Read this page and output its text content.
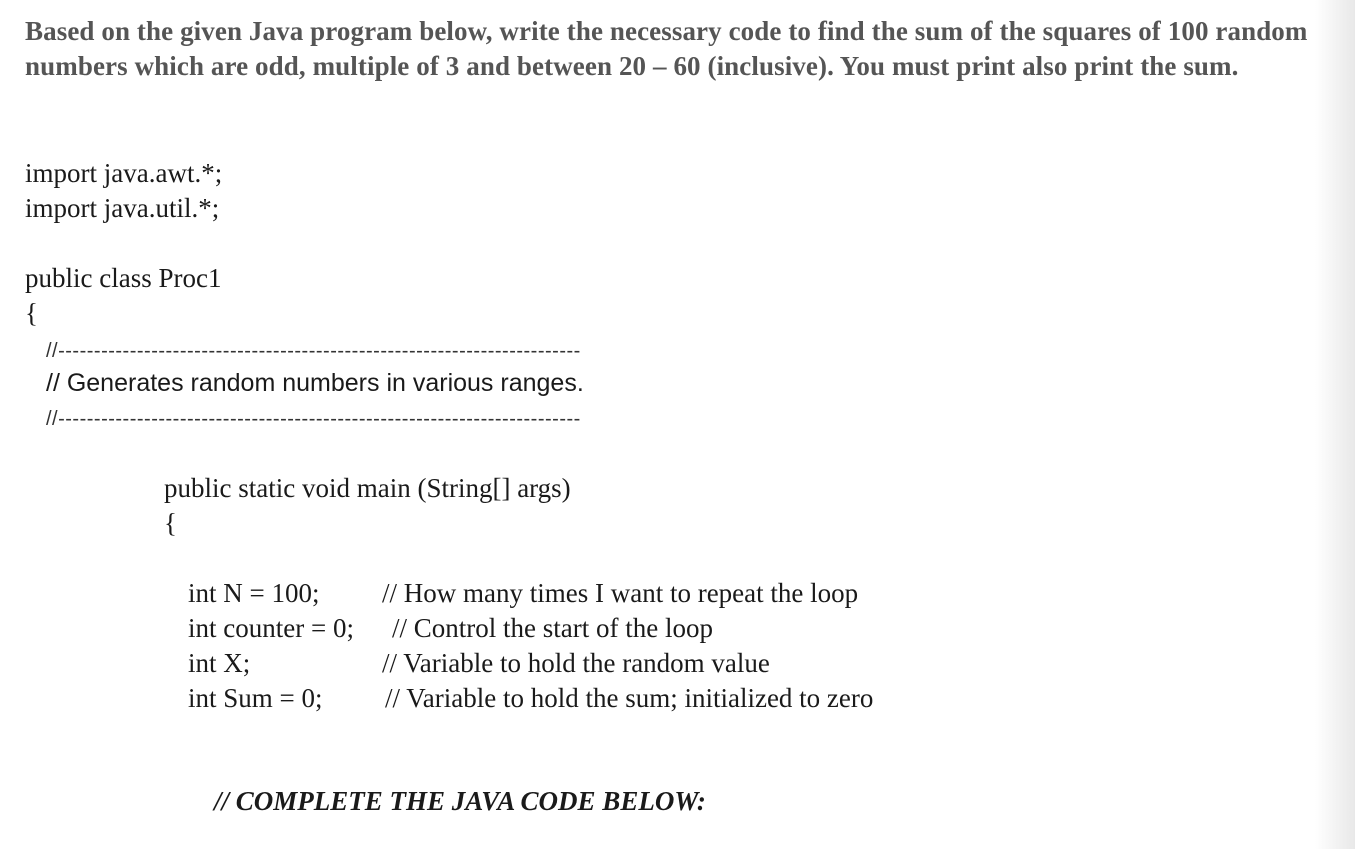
Based on the given Java program below, write the necessary code to find the sum of the squares of 100 random numbers which are odd, multiple of 3 and between 20 – 60 (inclusive). You must print also print the sum.

import java.awt.*;
import java.util.*;
public class Proc1
{
//-------------------------------------------------------------------------
// Generates random numbers in various ranges.
//-------------------------------------------------------------------------
public static void main (String[] args)
{
int N = 100; // How many times I want to repeat the loop
int counter = 0; // Control the start of the loop
int X;	// Variable to hold the random value
int Sum = 0; // Variable to hold the sum; initialized to zero
// COMPLETE THE JAVA CODE BELOW:
